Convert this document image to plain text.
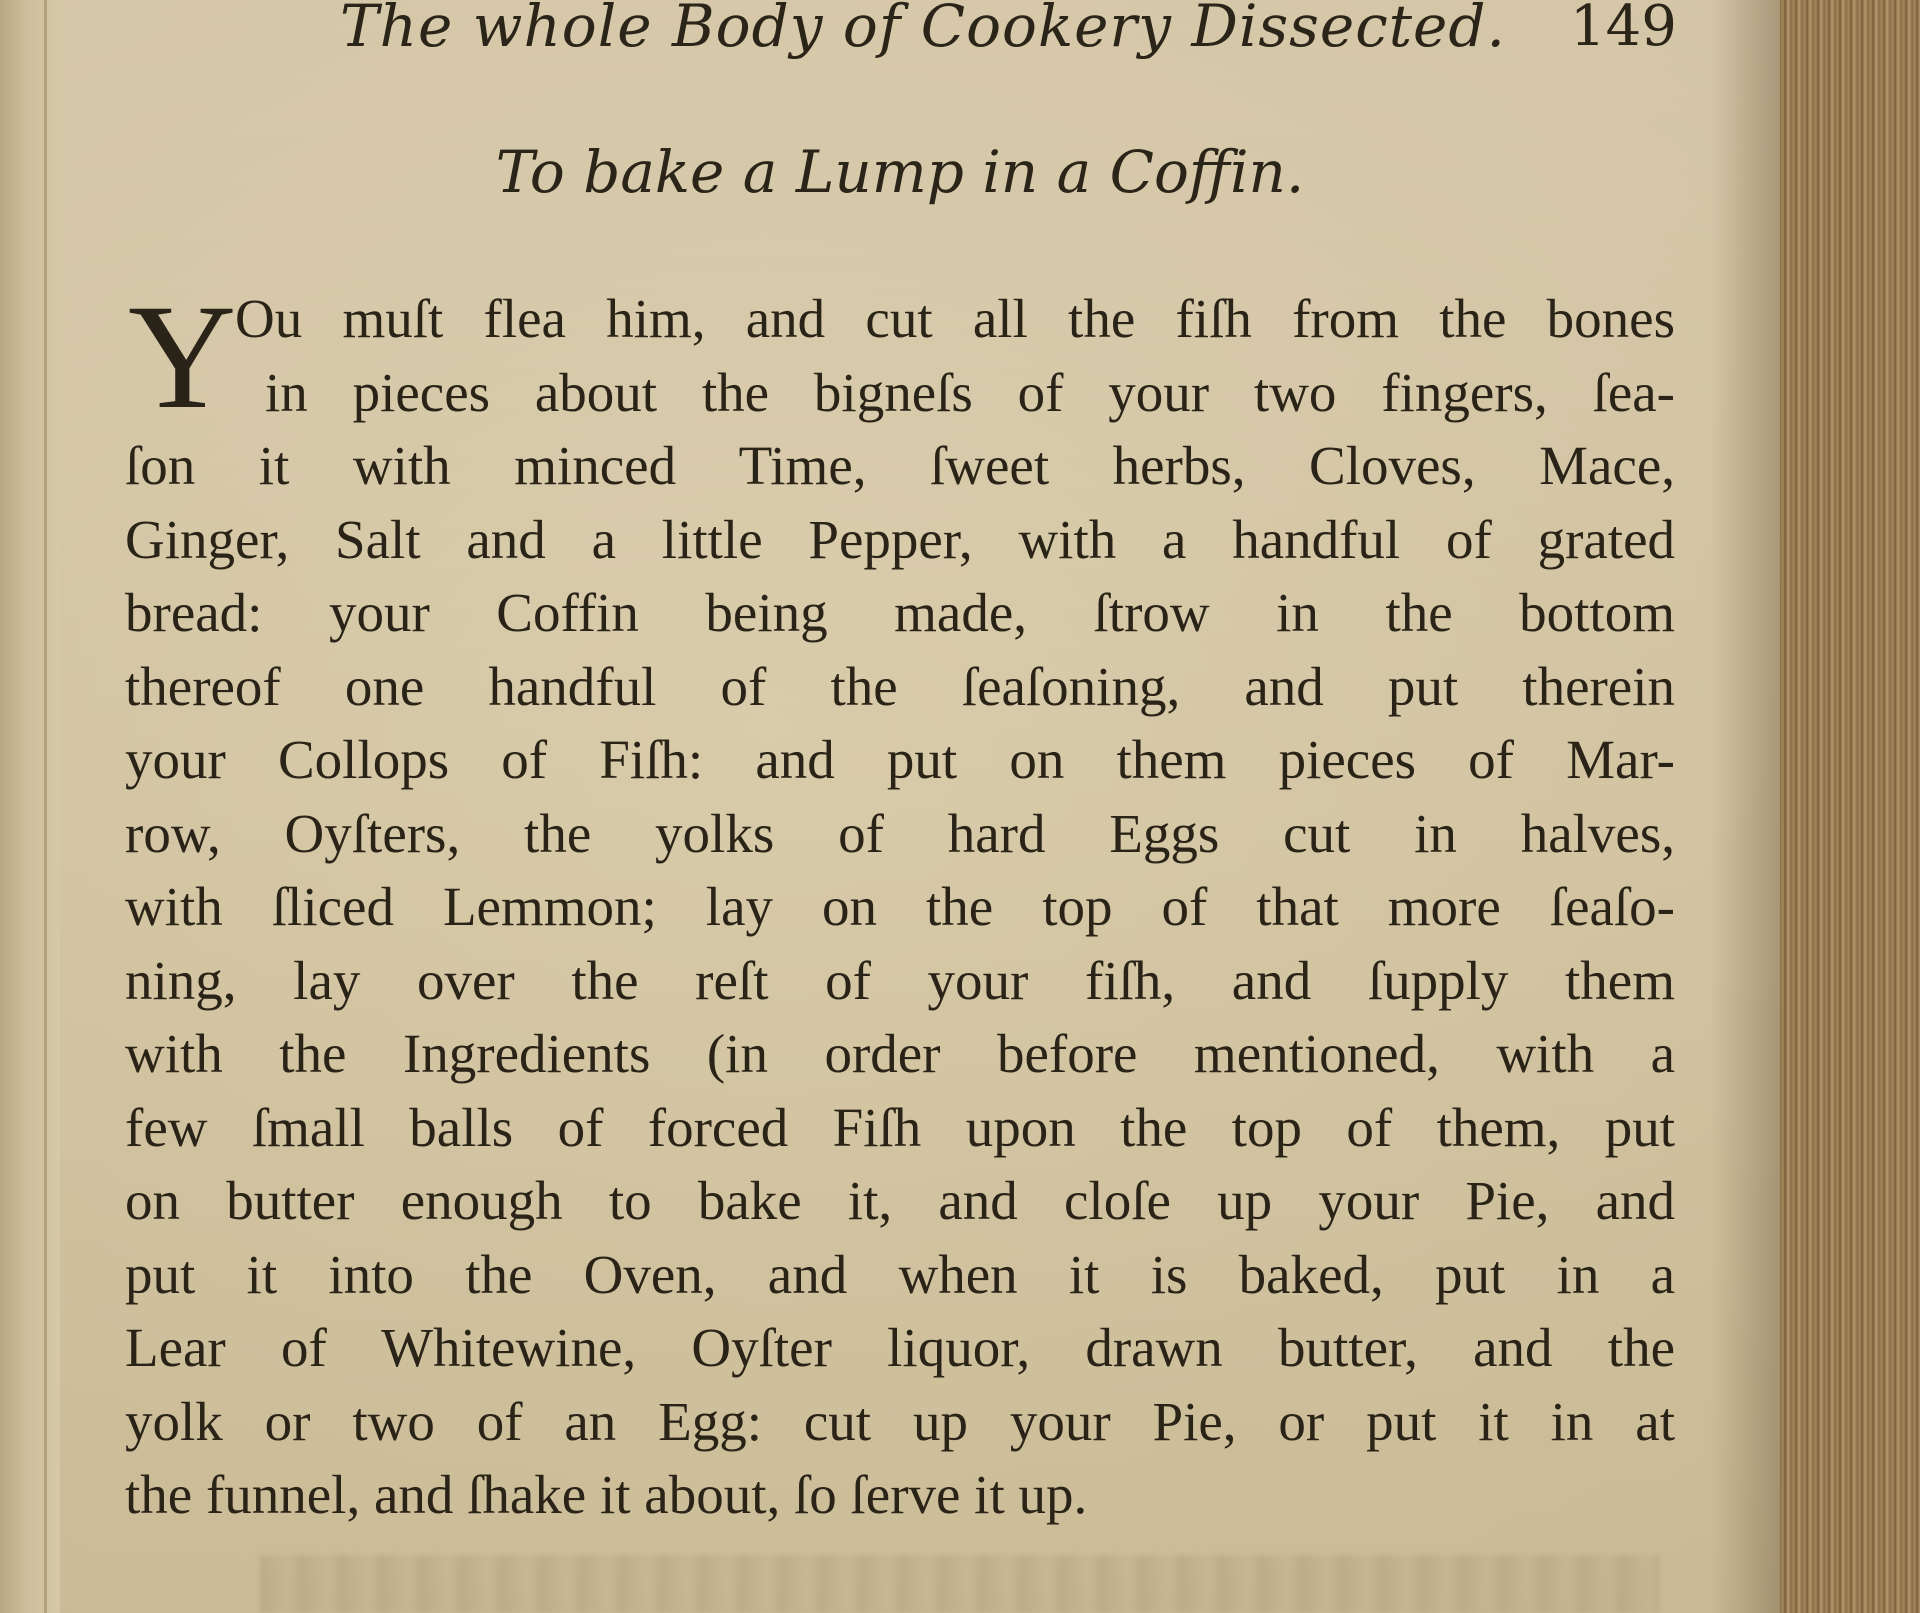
The whole Body of Cookery Dissected. 149
To bake a Lump in a Coffin.
Y
Ou muſt flea him, and cut all the fiſh from the bones
in pieces about the bigneſs of your two fingers, ſea-
ſon it with minced Time, ſweet herbs, Cloves, Mace,
Ginger, Salt and a little Pepper, with a handful of grated
bread: your Coffin being made, ſtrow in the bottom
thereof one handful of the ſeaſoning, and put therein
your Collops of Fiſh: and put on them pieces of Mar-
row, Oyſters, the yolks of hard Eggs cut in halves,
with ſliced Lemmon; lay on the top of that more ſeaſo-
ning, lay over the reſt of your fiſh, and ſupply them
with the Ingredients (in order before mentioned, with a
few ſmall balls of forced Fiſh upon the top of them, put
on butter enough to bake it, and cloſe up your Pie, and
put it into the Oven, and when it is baked, put in a
Lear of Whitewine, Oyſter liquor, drawn butter, and the
yolk or two of an Egg: cut up your Pie, or put it in at
the funnel, and ſhake it about, ſo ſerve it up.
